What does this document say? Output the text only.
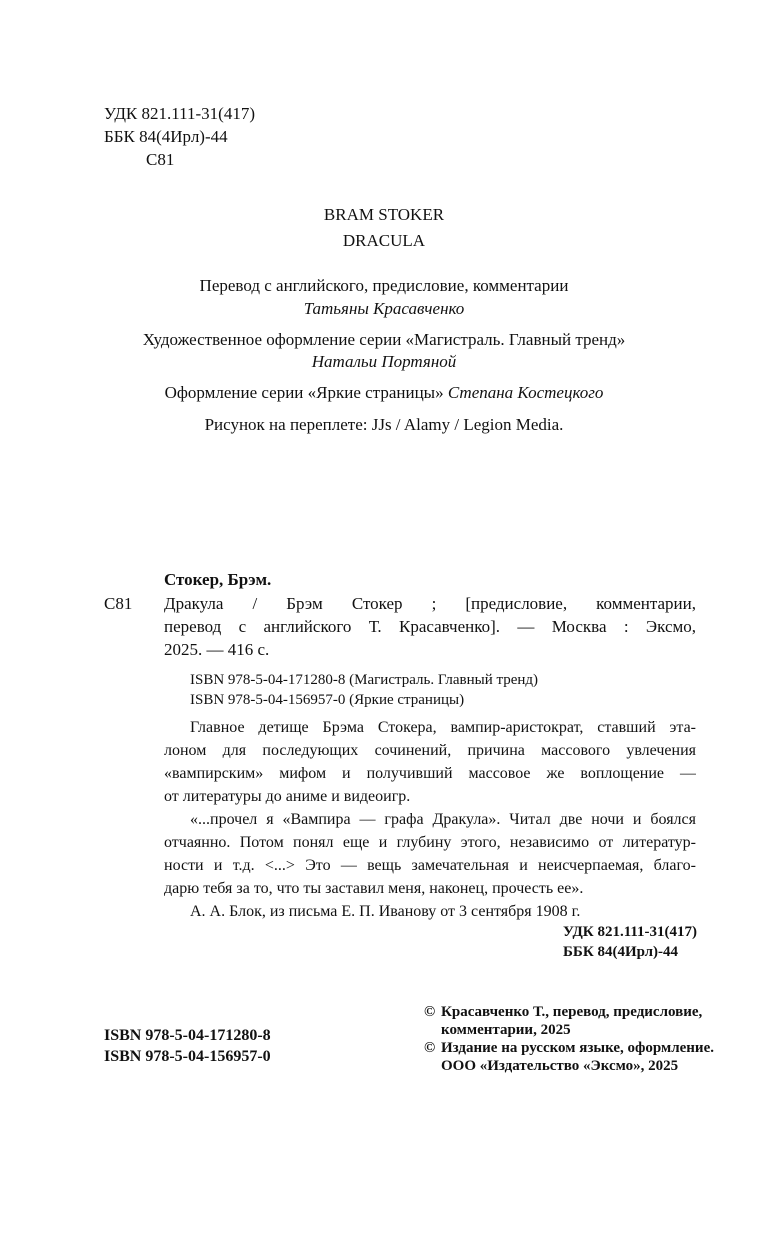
УДК 821.111-31(417)
ББК 84(4Ирл)-44
С81
BRAM STOKER
DRACULA
Перевод с английского, предисловие, комментарии
Татьяны Красавченко
Художественное оформление серии «Магистраль. Главный тренд»
Натальи Портяной
Оформление серии «Яркие страницы» Степана Костецкого
Рисунок на переплете: JJs / Alamy / Legion Media.
Стокер, Брэм.
С81 Дракула / Брэм Стокер ; [предисловие, комментарии,
перевод с английского Т. Красавченко]. — Москва : Эксмо,
2025. — 416 с.
ISBN 978-5-04-171280-8 (Магистраль. Главный тренд)
ISBN 978-5-04-156957-0 (Яркие страницы)
Главное детище Брэма Стокера, вампир-аристократ, ставший эта-
лоном для последующих сочинений, причина массового увлечения
«вампирским» мифом и получивший массовое же воплощение —
от литературы до аниме и видеоигр.
«...прочел я «Вампира — графа Дракула». Читал две ночи и боялся
отчаянно. Потом понял еще и глубину этого, независимо от литератур-
ности и т.д. <...> Это — вещь замечательная и неисчерпаемая, благо-
дарю тебя за то, что ты заставил меня, наконец, прочесть ее».
А. А. Блок, из письма Е. П. Иванову от 3 сентября 1908 г.
УДК 821.111-31(417)
ББК 84(4Ирл)-44
ISBN 978-5-04-171280-8
ISBN 978-5-04-156957-0
© Красавченко Т., перевод, предисловие,
комментарии, 2025
© Издание на русском языке, оформление.
ООО «Издательство «Эксмо», 2025
